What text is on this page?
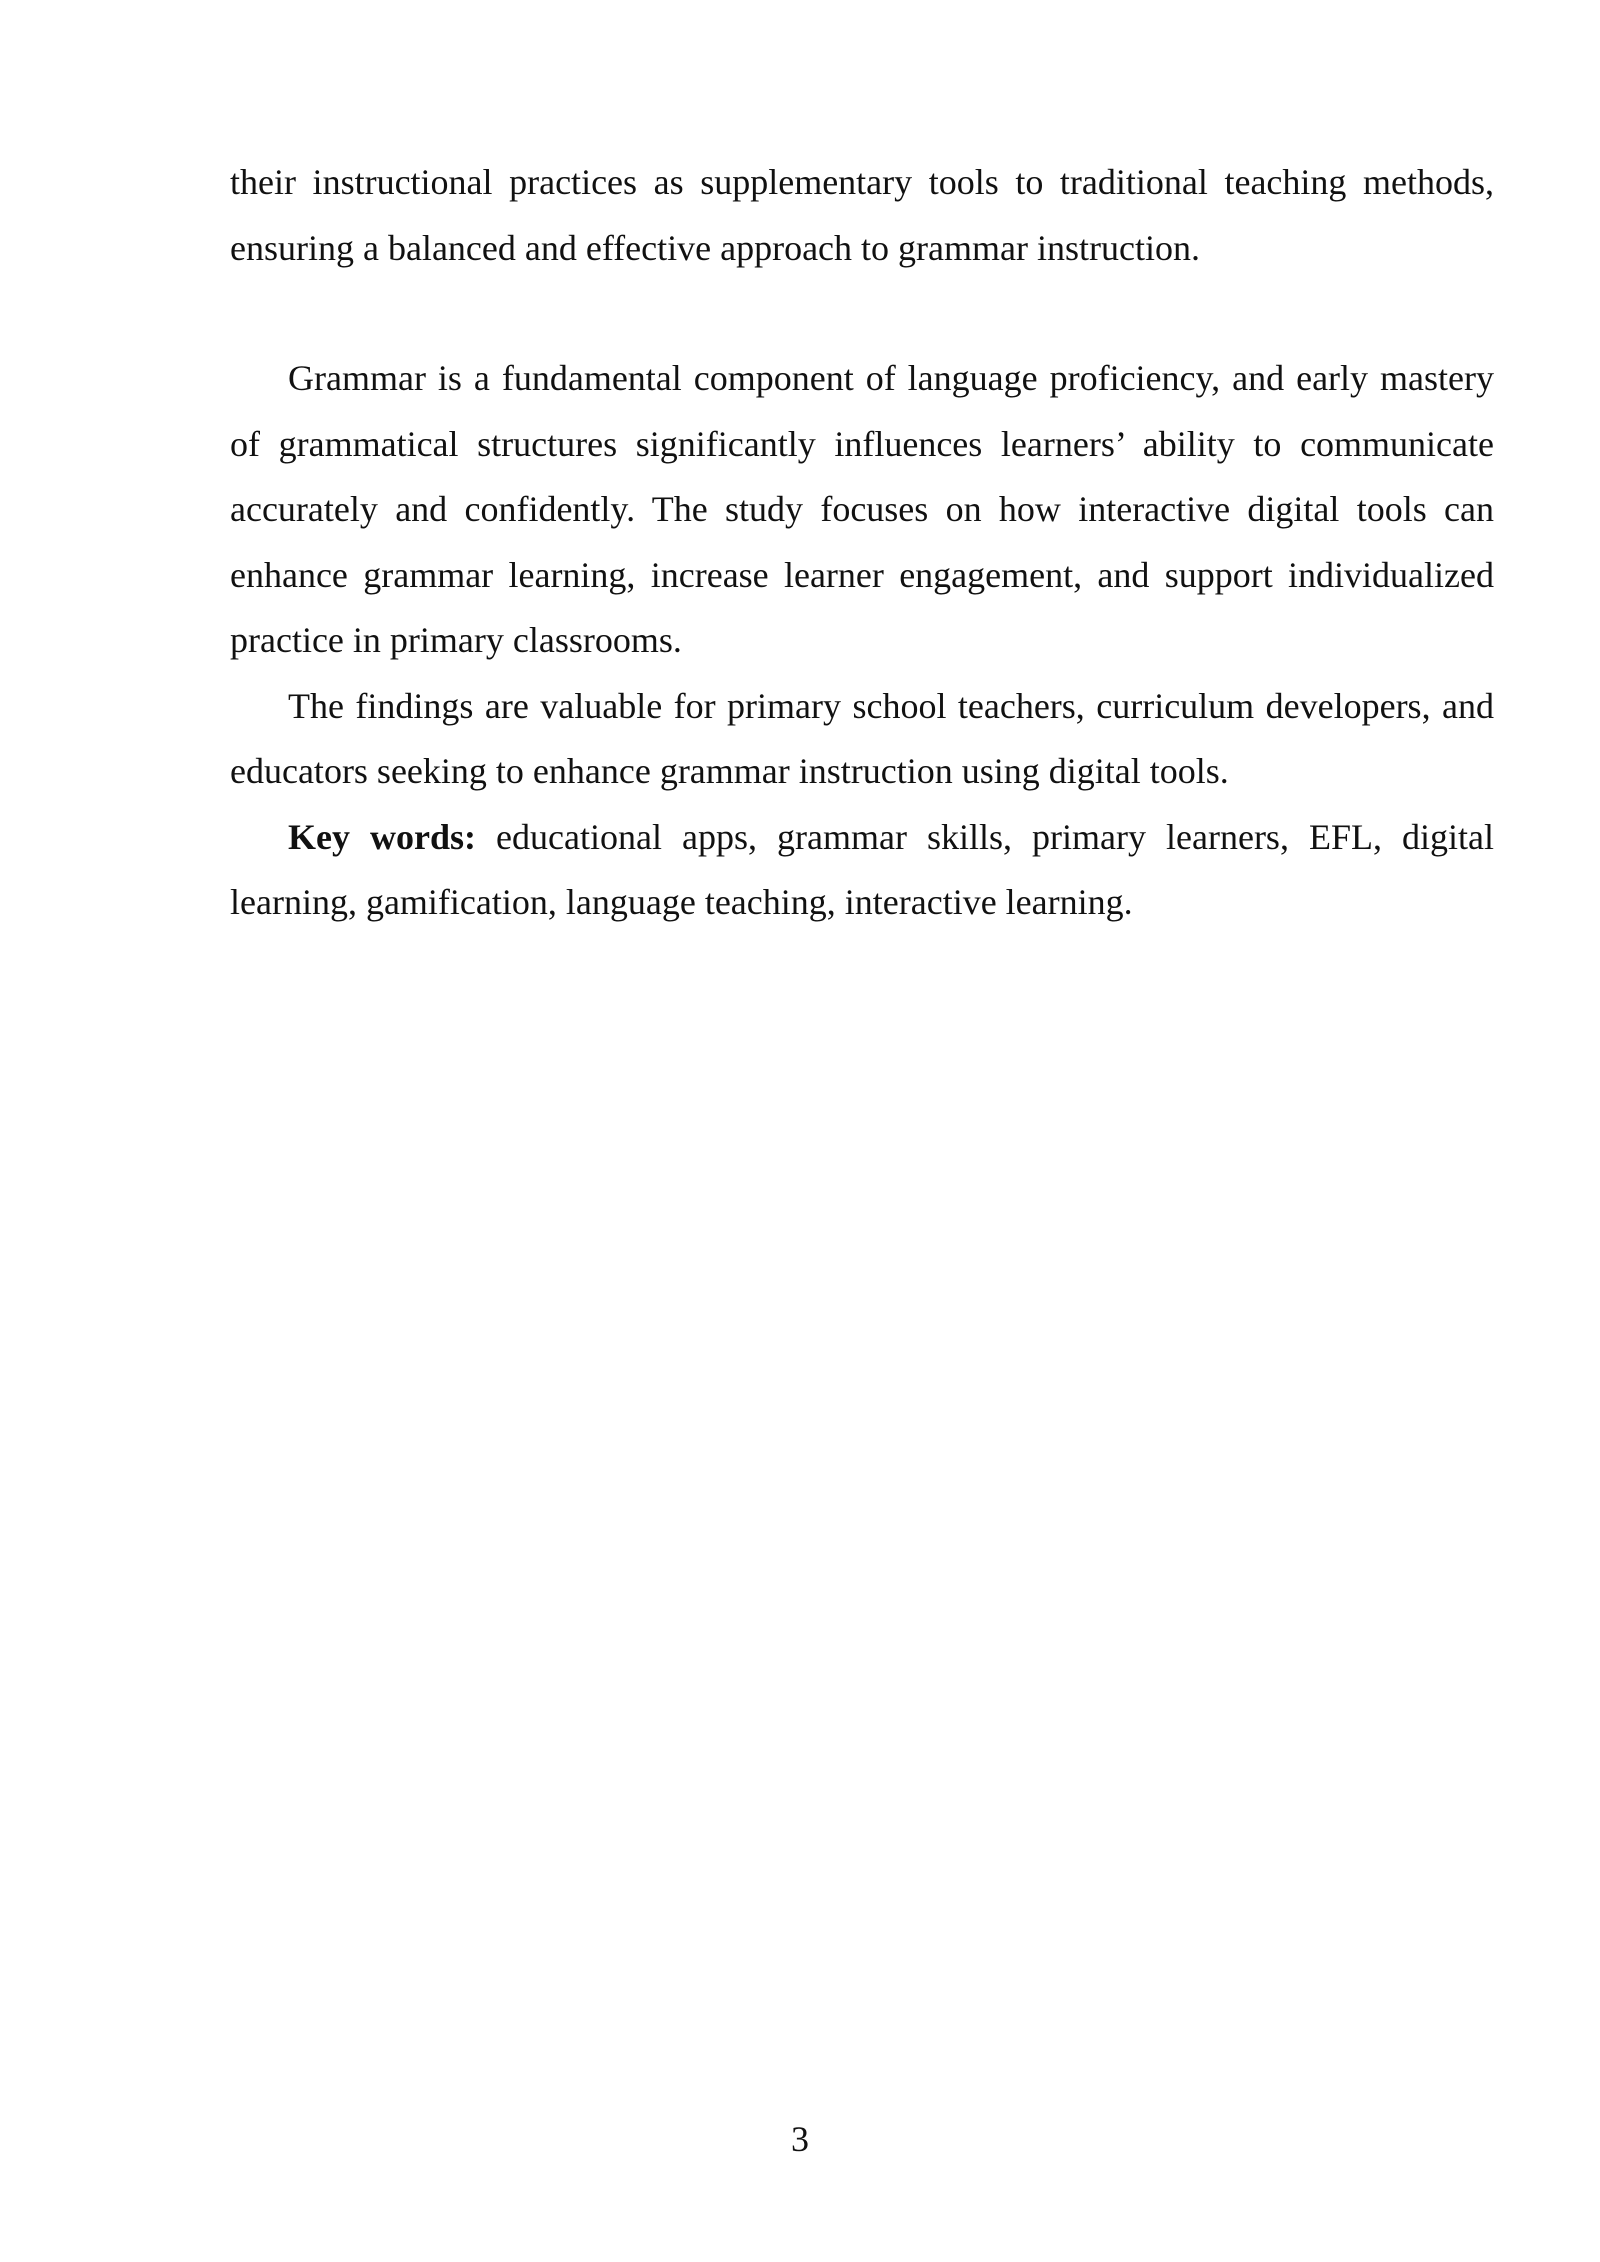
their instructional practices as supplementary tools to traditional teaching methods, ensuring a balanced and effective approach to grammar instruction.

Grammar is a fundamental component of language proficiency, and early mastery of grammatical structures significantly influences learners’ ability to communicate accurately and confidently. The study focuses on how interactive digital tools can enhance grammar learning, increase learner engagement, and support individualized practice in primary classrooms.

The findings are valuable for primary school teachers, curriculum developers, and educators seeking to enhance grammar instruction using digital tools.

Key words: educational apps, grammar skills, primary learners, EFL, digital learning, gamification, language teaching, interactive learning.

3
